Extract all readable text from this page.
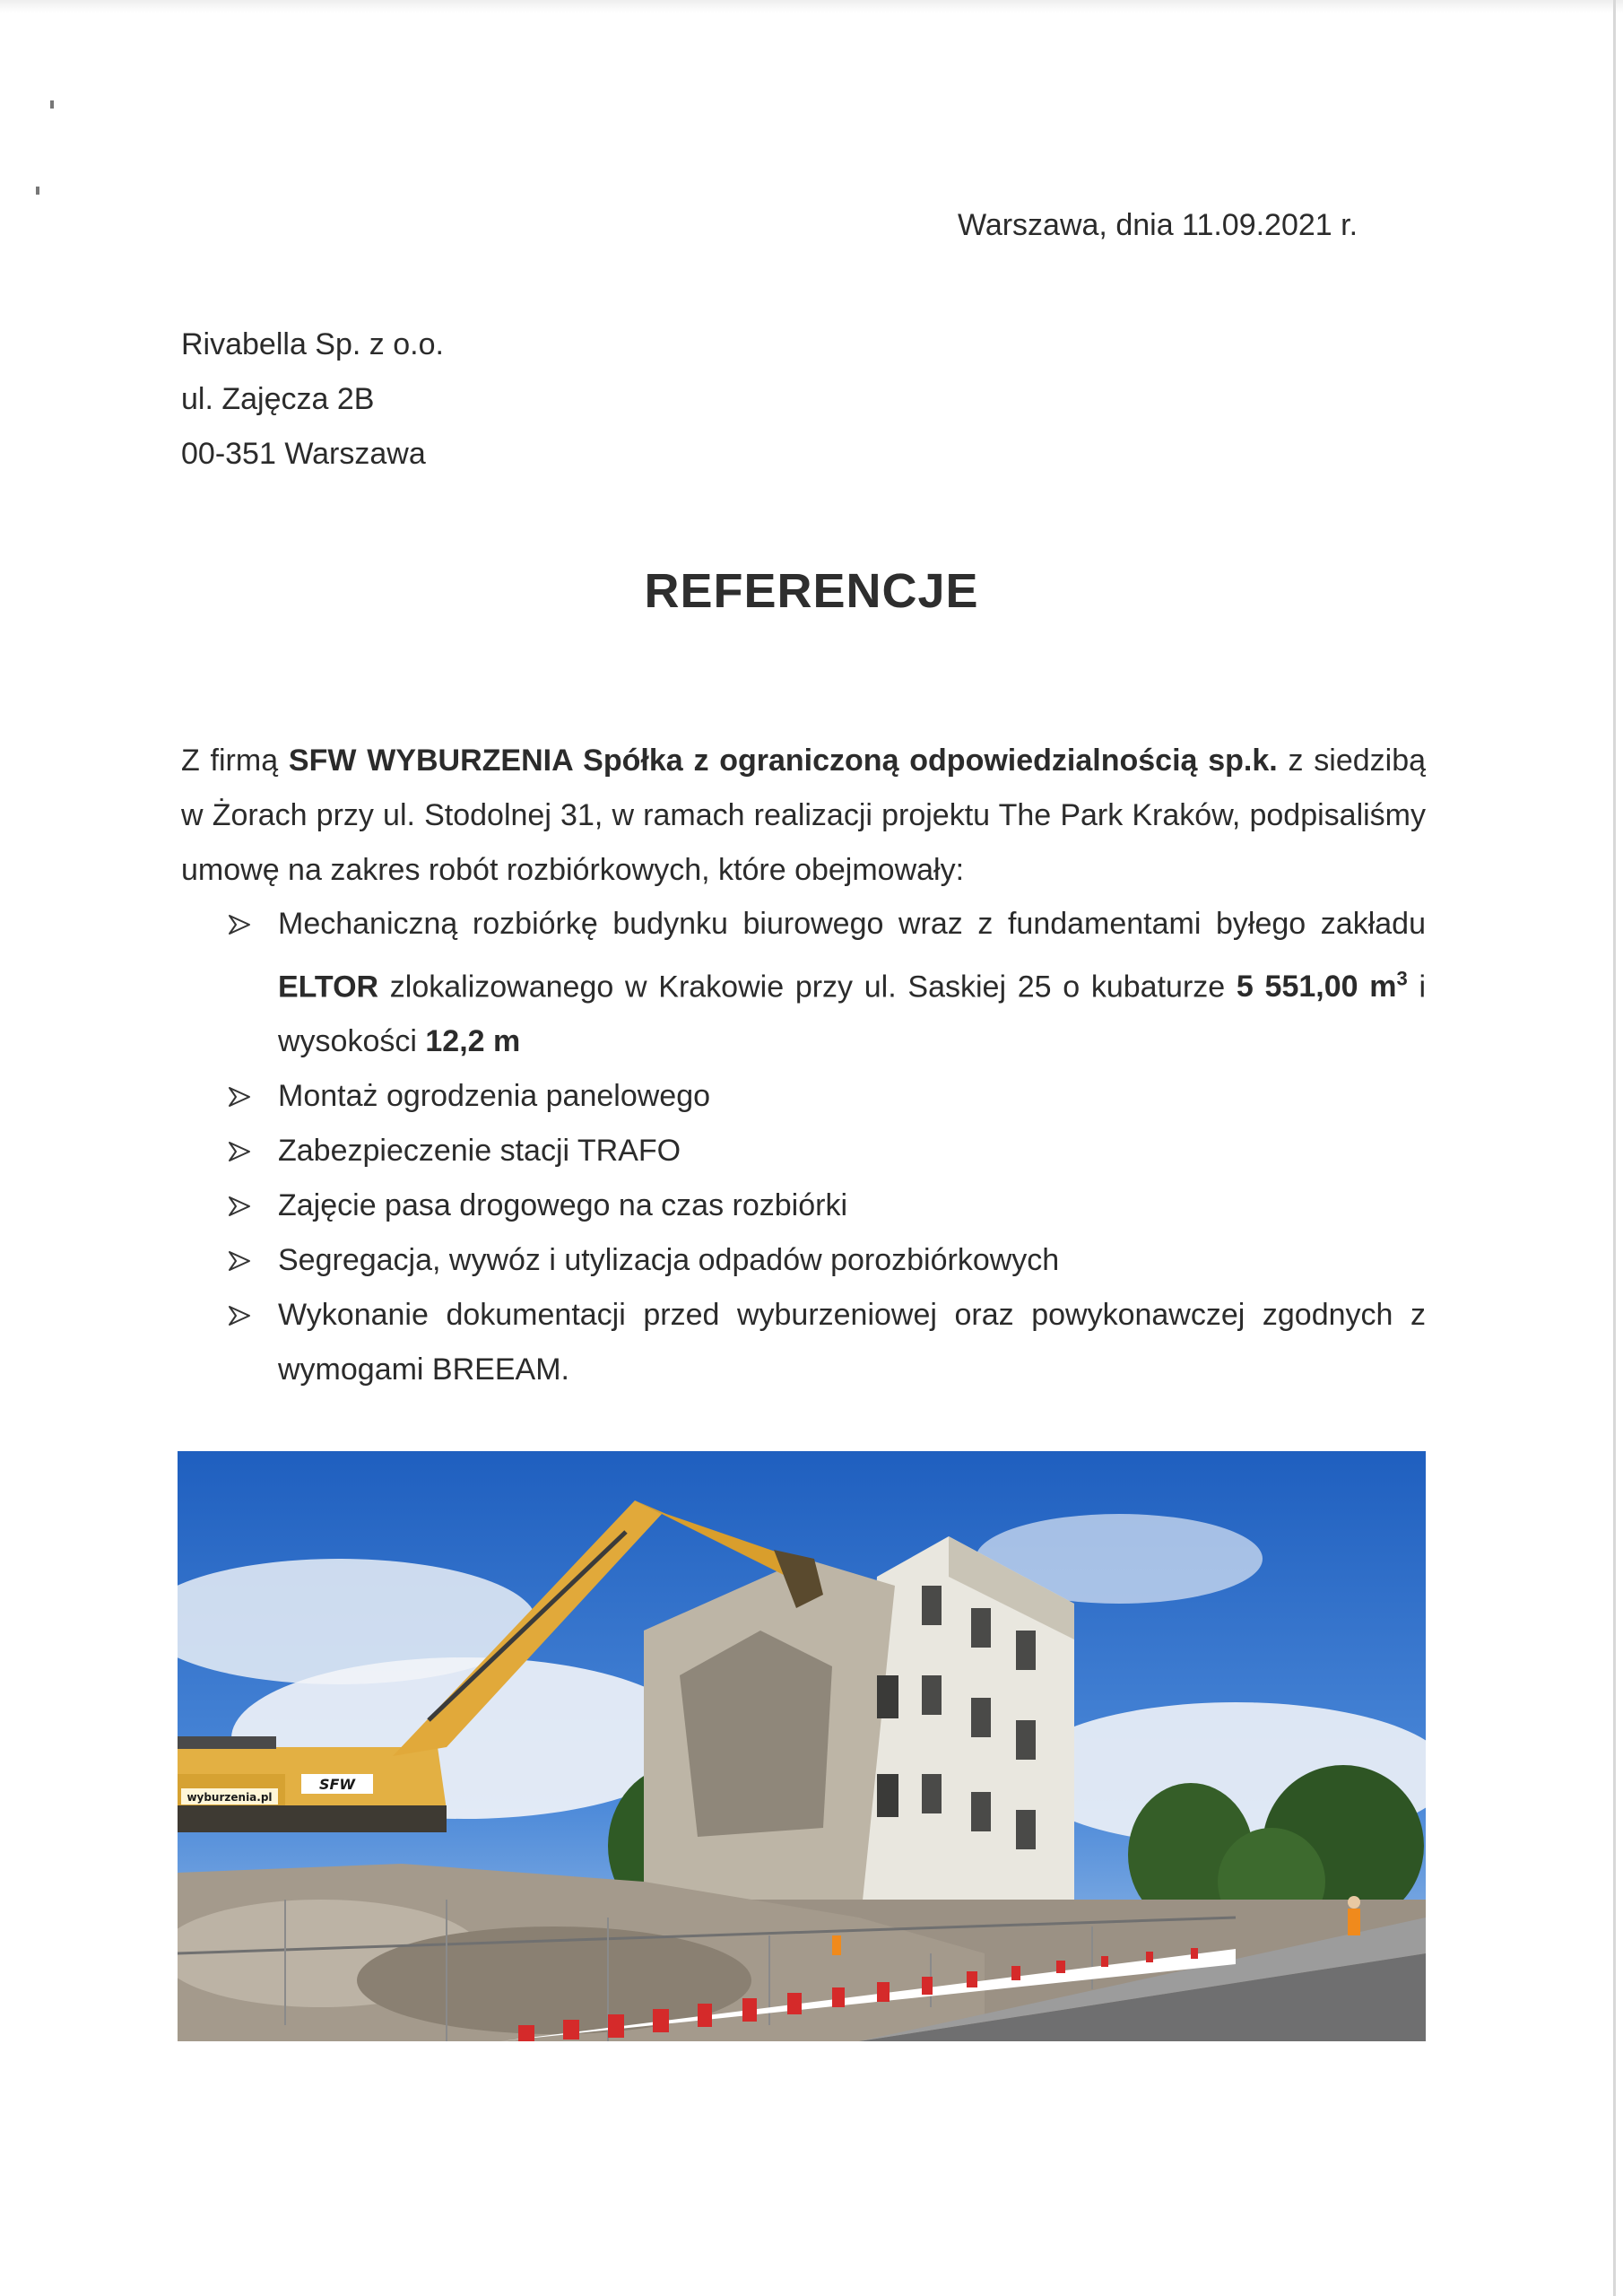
Warszawa, dnia 11.09.2021 r.
Rivabella Sp. z o.o.
ul. Zajęcza 2B
00-351 Warszawa
REFERENCJE

Z firmą SFW WYBURZENIA Spółka z ograniczoną odpowiedzialnością sp.k. z siedzibą w Żorach przy ul. Stodolnej 31, w ramach realizacji projektu The Park Kraków, podpisaliśmy umowę na zakres robót rozbiórkowych, które obejmowały:

Mechaniczną rozbiórkę budynku biurowego wraz z fundamentami byłego zakładu ELTOR zlokalizowanego w Krakowie przy ul. Saskiej 25 o kubaturze 5 551,00 $m^3$ i wysokości 12,2 m
Montaż ogrodzenia panelowego
Zabezpieczenie stacji TRAFO
Zajęcie pasa drogowego na czas rozbiórki
Segregacja, wywóz i utylizacja odpadów porozbiórkowych
Wykonanie dokumentacji przed wyburzeniowej oraz powykonawczej zgodnych z wymogami BREEAM.
SFW
wyburzenia.pl
